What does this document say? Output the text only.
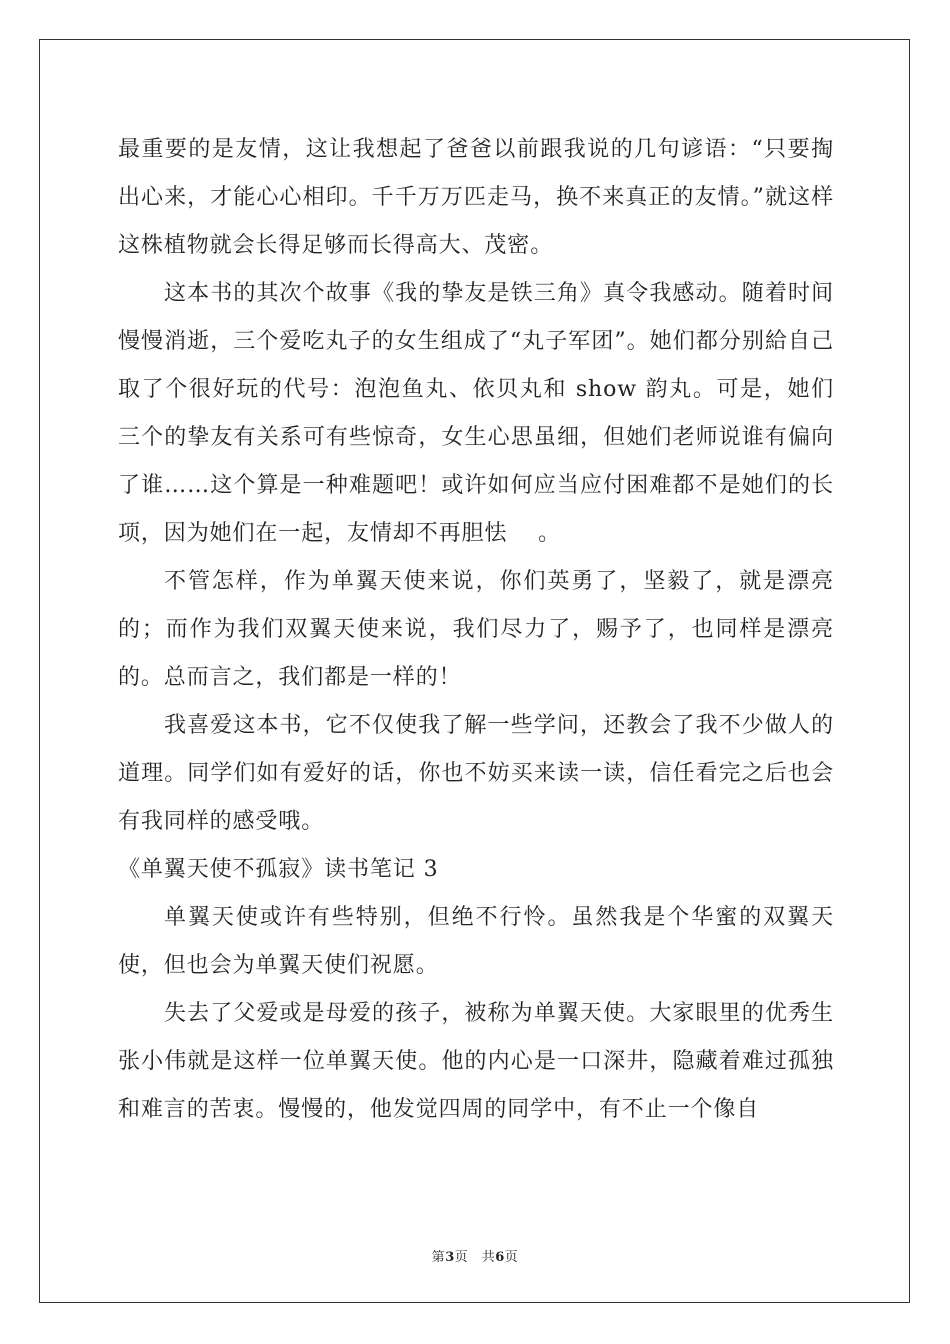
最重要的是友情，这让我想起了爸爸以前跟我说的几句谚语：“只要掏出心来，才能心心相印。千千万万匹走马，换不来真正的友情。”就这样这株植物就会长得足够而长得高大、茂密。

这本书的其次个故事《我的挚友是铁三角》真令我感动。随着时间慢慢消逝，三个爱吃丸子的女生组成了“丸子军团”。她们都分别給自己取了个很好玩的代号：泡泡鱼丸、依贝丸和 show 韵丸。可是，她们三个的挚友有关系可有些惊奇，女生心思虽细，但她们老师说谁有偏向了谁……这个算是一种难题吧！或许如何应当应付困难都不是她们的长项，因为她们在一起，友情却不再胆怯 　。

不管怎样，作为单翼天使来说，你们英勇了，坚毅了，就是漂亮的；而作为我们双翼天使来说，我们尽力了，赐予了，也同样是漂亮的。总而言之，我们都是一样的！

我喜爱这本书，它不仅使我了解一些学问，还教会了我不少做人的道理。同学们如有爱好的话，你也不妨买来读一读，信任看完之后也会有我同样的感受哦。

《单翼天使不孤寂》读书笔记 3

单翼天使或许有些特别，但绝不行怜。虽然我是个华蜜的双翼天使，但也会为单翼天使们祝愿。

失去了父爱或是母爱的孩子，被称为单翼天使。大家眼里的优秀生张小伟就是这样一位单翼天使。他的内心是一口深井，隐藏着难过孤独和难言的苦衷。慢慢的，他发觉四周的同学中，有不止一个像自

第3页　共6页
